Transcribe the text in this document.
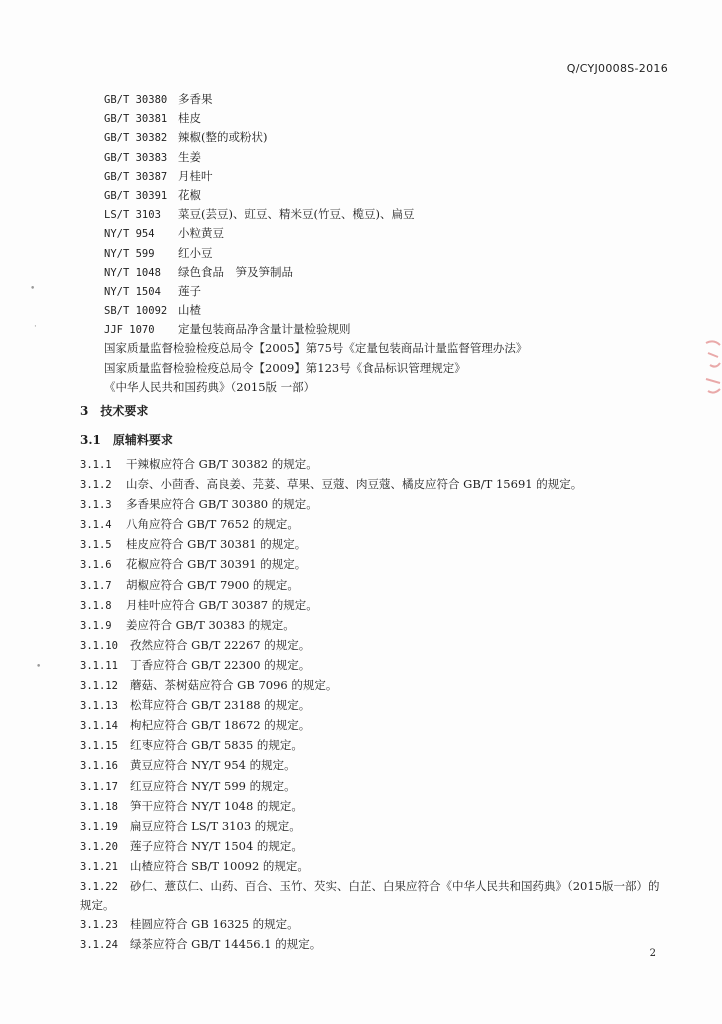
Q/CYJ0008S-2016
GB/T 30380 多香果
GB/T 30381 桂皮
GB/T 30382 辣椒(整的或粉状)
GB/T 30383 生姜
GB/T 30387 月桂叶
GB/T 30391 花椒
LS/T 3103 菜豆(芸豆)、豇豆、精米豆(竹豆、榄豆)、扁豆
NY/T 954 小粒黄豆
NY/T 599 红小豆
NY/T 1048 绿色食品　笋及笋制品
NY/T 1504 莲子
SB/T 10092 山楂
JJF 1070 定量包装商品净含量计量检验规则
国家质量监督检验检疫总局令【2005】第75号《定量包装商品计量监督管理办法》
国家质量监督检验检疫总局令【2009】第123号《食品标识管理规定》
《中华人民共和国药典》（2015版 一部）
3　技术要求
3.1　原辅料要求
3.1.1 干辣椒应符合 GB/T 30382 的规定。
3.1.2 山奈、小茴香、高良姜、芫荽、草果、豆蔻、肉豆蔻、橘皮应符合 GB/T 15691 的规定。
3.1.3 多香果应符合 GB/T 30380 的规定。
3.1.4 八角应符合 GB/T 7652 的规定。
3.1.5 桂皮应符合 GB/T 30381 的规定。
3.1.6 花椒应符合 GB/T 30391 的规定。
3.1.7 胡椒应符合 GB/T 7900 的规定。
3.1.8 月桂叶应符合 GB/T 30387 的规定。
3.1.9 姜应符合 GB/T 30383 的规定。
3.1.10 孜然应符合 GB/T 22267 的规定。
3.1.11 丁香应符合 GB/T 22300 的规定。
3.1.12 蘑菇、茶树菇应符合 GB 7096 的规定。
3.1.13 松茸应符合 GB/T 23188 的规定。
3.1.14 枸杞应符合 GB/T 18672 的规定。
3.1.15 红枣应符合 GB/T 5835 的规定。
3.1.16 黄豆应符合 NY/T 954 的规定。
3.1.17 红豆应符合 NY/T 599 的规定。
3.1.18 笋干应符合 NY/T 1048 的规定。
3.1.19 扁豆应符合 LS/T 3103 的规定。
3.1.20 莲子应符合 NY/T 1504 的规定。
3.1.21 山楂应符合 SB/T 10092 的规定。
3.1.22 砂仁、薏苡仁、山药、百合、玉竹、芡实、白芷、白果应符合《中华人民共和国药典》（2015版一部）的规定。
3.1.23 桂圆应符合 GB 16325 的规定。
3.1.24 绿茶应符合 GB/T 14456.1 的规定。
2
•
·
•
